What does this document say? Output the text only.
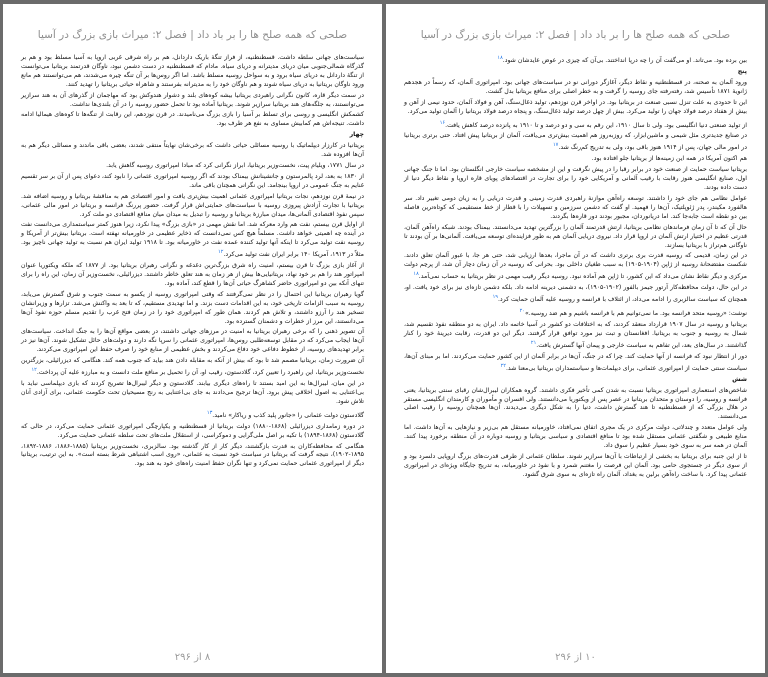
صلحی که همه صلح ها را بر باد داد | فصل ۲: میراث بازی بزرگ در آسیا

سیاست‌های جهانی سلطه داشت. قسطنطنیه، از فراز تنگهٔ باریک داردانل، هم بر راه شرقی غربی اروپا به آسیا مسلط بود و هم بر گذرگاه شمالی‌جنوبی میان دریای مدیترانه و دریای سیاه. مادام که قسطنطنیه در دست دشمن نبود، ناوگان قدرتمند بریتانیا می‌توانست از تنگهٔ داردانل به دریای سیاه برود و به سواحل روسیه مسلط باشد. اما اگر روس‌ها بر آن تنگه چیره می‌شدند، هم می‌توانستند هم مانع ورود ناوگان بریتانیا به دریای سیاه شوند و هم ناوگان خود را به مدیترانه بفرستند و شاهراه حیاتی بریتانیا را تهدید کنند.

در سمت دیگر قاره، کانون نگرانی راهبردی بریتانیا بیشه کوه‌های بلند و دشوار هندوکش بود که مهاجمان از گذرهای آن به هند سرازیر می‌توانستند، به جلگه‌های هند بریتانیا سرازیر شوند. بریتانیا آماده بود تا تحمل حضور روسیه را در آن بلندی‌ها نداشت.

کشمکش انگلیسی و روسی برای تسلط بر آسیا را بازی بزرگ می‌نامیدند. در قرن نوزدهم، این رقابت از تنگه‌ها تا کوه‌های هیمالیا ادامه داشت. تنیجه‌اش هم کمابیش مساوی به نفع هر طرف بود.

چهار

بریتانیا در کارزار دیپلماتیک با روسیه مسائلی حیاتی داشت که برخی‌شان نهایتاً منتفی شدند، بعضی باقی ماندند و مسائلی دیگر هم به آن‌ها افزوده شد.

در سال ۱۷۷۱، ویلیام پیت، نخست‌وزیر بریتانیا، ابراز نگرانی کرد که مبادا امپراتوری روسیه گاهش یابد.

از ۱۸۳۰ به بعد، لرد پالمرستون و جانشینانش بیمناک بودند که اگر روسیه امپراتوری عثمانی را نابود کند، دعوای پس از آن بر سر تقسیم غنایم به جنگ عمومی در اروپا بینجامد. این نگرانی همچنان باقی ماند.

در نیمهٔ قرن نوزدهم، نجات بریتانیا امپراتوری عثمانی اهمیت بیش‌تری یافت و امور اقتصادی هم به مناقشهٔ بریتانیا و روسیه اضافه شد. بریتانیا با تجارت آزادش پیروزی روسیه با سیاست‌های حمایتی‌اش قرار گرفت. حضور پررنگ فرانسه و بریتانیا در امور مالی عثمانی، سپس نفوذ اقتصادی آلمانی‌ها، میدان مبارزهٔ بریتانیا و روسیه را تبدیل به میدان میان منافع اقتصادی دو ملت کرد.

از اوایل قرن بیستم، نفت هم وارد معرکه شد. اما نقش مهمی در «بازی بزرگ» پیدا نکرد، زیرا هنوز کمتر سیاستمداری می‌دانست نفت در آینده چه اهمیتی خواهد داشت. مسلماً هیچ کس نمی‌دانست که ذخایر عظیمی در خاورمیانه نهفته است. بریتانیا بیش‌تر از آمریکا و روسیه نفت تولید می‌کرد تا اینکه آنها تولید کننده عمده نفت در خاورمیانه بود. تا ۱۹۱۸ تولید ایران هم نسبت به تولید جهانی ناچیز بود. مثلاً در ۱۹۱۳، آمریکا ۱۴۰ برابر ایران نفت تولید می‌کرد.$^{۱۲}$

از آغاز بازی بزرگ تا قرن بیستم، امنیت راه شرق بزرگ‌ترین دغدغه و نگرانی رهبران بریتانیا بود. از ۱۸۷۷ که ملکه ویکتوریا عنوان امپراتور هند را هم بر خود نهاد، بریتانیایی‌ها بیش از هر زمان به هند تعلق خاطر داشتند. دیزرائیلی، نخست‌وزیر آن زمان، این راه را برای تنهای آنکه بین دو امپراتوری حاضر کشاهرگ حیاتی آن‌ها را قطع کند، آماده بود.

گویا رهبران بریتانیا این احتمال را در نظر نمی‌گرفتند که وقتی امپراتوری روسیه از یکسو به سمت جنوب و شرق گسترش می‌یابد، روسیه به سبب الزامات تاریخی خود، به این اقدامات دست بزند. و اما تهدیدی مستقیم، که تا بعد به واکنش می‌شد. تزارها و وزیرانشان تسخیر هند را آرزو داشتند، و تلاش هم کردند. همان طور که امپراتوری خود را در زمان فتح غرب را تقدیم مسلم حوزه نفوذ آن‌ها می‌دانستند، این مرز از خطرات و دشمنان گسترده بود.

آن تصویر ذهنی را که برخی رهبران بریتانیا به امنیت در مرزهای جهانی داشتند، در بعضی مواقع آن‌ها را به جنگ انداخت. سیاست‌های آن‌ها ایجاب می‌کرد که در مقابل توسعه‌طلبی روس‌ها، امپراتوری عثمانی را سرپا نگه دارند و دولت‌های حائل تشکیل شوند. آن‌ها نیز در برابر تهدیدهای روسیه، از خطوط دفاعی خود دفاع می‌کردند و بخش عظیمی از منابع خود را صرف حفظ این امپراتوری می‌کردند.

آن ضرورت زمان، بریتانیا مصمم شد تا بود که بیش از آنکه به مقابله دادن هند بیاید که جنوب همه کند. هنگامی که دیزرائیلی، بزرگترین نخست‌وزیر بریتانیا، این راهبرد را تعیین کرد، گلادستون، رقیب او، آن را تحمیل بر منافع ملت دانست و به مبارزه علیه آن پرداخت.$^{۱۲}$

در این میان، لیبرال‌ها به این امید بستند تا راه‌های دیگری بیابند. گلادستون و دیگر لیبرال‌ها تصریح کردند که بازی دیپلماسی نباید با بی‌اعتنایی به اصول اخلاقی پیش برود. آن‌ها ترجیح می‌دادند به جای بی‌اعتنایی به رنج مسیحیان تحت حکومت عثمانی، برای آزادی آنان تلاش شود.

گلادستون دولت عثمانی را «جانور پلید کذب و ریاکار» نامید.$^{۱۳}$

در دوره زمامداری دیزرائیلی (۱۸۶۸-۱۸۸۰) دولت بریتانیا از قسطنطنیه و یکپارچگی امپراتوری عثمانی حمایت می‌کرد، در حالی که گلادستون (۱۸۶۸-۱۸۹۴) با تکیه بر اصل ملی‌گرایی و دموکراسی، از استقلال ملت‌های تحت سلطه عثمانی حمایت می‌کرد.

هنگامی که محافظه‌کاران به قدرت بازگشتند، دیگر کار از کار گذشته بود. سالزبری، نخست‌وزیر بریتانیا (۱۸۸۵-۱۸۸۶، ۱۸۸۶-۱۸۹۲، ۱۸۹۵-۱۹۰۲)، نتیجه گرفت که بریتانیا در سیاست خود نسبت به عثمانی، «روی اسب اشتباهی شرط بسته است». به این ترتیب، بریتانیا دیگر از امپراتوری عثمانی حمایت نمی‌کرد و تنها نگران حفظ امنیت راه‌های خود به هند بود.

۸ از ۲۹۶
صلحی که همه صلح ها را بر باد داد | فصل ۲: میراث بازی بزرگ در آسیا

بین برده بود. می‌تاند. او می‌گفت آن را چه درپا انداختند. بی‌آن که چیزی در عوض عایدشان شود.$^{۱۸}$

پنج

ورود آلمان به صحنه، در قسطنطنیه و نقاط دیگر، آغازگر دورانی نو در سیاست‌های جهانی بود. امپراتوری آلمان، که رسماً در هجدهم ژانویهٔ ۱۸۷۱ تأسیس شد، رفته‌رفته جای روسیه را گرفت و به خطر اصلی برای منافع بریتانیا بدل گشت.

این تا حدودی به علت تنزل نسبی صنعت در بریتانیا بود. در اواخر قرن نوزدهم، تولید ذغال‌سنگ، آهن و فولاد آلمان، حدود نیمی از آهن و بیش از هفتاد درصد فولاد جهان را تولید می‌کرد. بیش از چهل درصد تولید ذغال‌سنگ، و پنجاه درصد فولاد بریتانیا را آلمان تولید می‌کرد.

از تولید صنعتی دنیا انگلیسی بود. ولی تا سال ۱۹۱۰، این رقم به سی و دو درصد و تا ۱۹۱۰ به پانزده درصد کاهش یافت.$^{۱۶}$

در صنایع جدیدتری مثل شیمی و ماشین‌ابزار، که روزبه‌روز هم اهمیت بیش‌تری می‌یافت، آلمان از بریتانیا پیش افتاد. حتی برتری بریتانیا در امور مالی جهان، پس از ۱۹۱۴ هنوز باقی بود، ولی به تدریج کم‌رنگ شد.$^{۱۷}$

هم اکنون آمریکا در همه این زمینه‌ها از بریتانیا جلو افتاده بود.

بریتانیا سیاست حمایت از صنعت خود در برابر رقبا را در پیش نگرفت و این از مشخصه سیاست خارجی انگلستان بود. اما تا جنگ جهانی اول، صنایع انگلیسی هنوز رقابت با رقیب آلمانی و آمریکایی خود را برای تجارت در اقتصادهای پویای قاره اروپا و نقاط دیگر دنیا از دست داده بودند.

عوامل نظامی هم جای خود را داشتند. توسعه راه‌آهن موازنهٔ راهبردی قدرت زمینی و قدرت دریایی را به زیان دومی تغییر داد. سر هالفورد مکیندر، پدر ژئوپلتیک، آن‌ها را فهمید. او گفت که دشمن سرزمین و تسهیلات را با قطار از خط مستقیمی که کوتاه‌ترین فاصله بین دو نقطه است جابه‌جا کند. اما دریانوردان، مجبور بودند دور قاره‌ها بگردند.

حال آن که تا آن زمان فرماندهان نظامی بریتانیا، ارتش قدرتمند آلمان را بزرگترین تهدید می‌دانستند. بیمناک بودند. شبکه راه‌آهن آلمان، قدرتی عظیم در اختیار ارتش آلمان در اروپا قرار داد. نیروی دریایی آلمان هم به طور فزاینده‌ای توسعه می‌یافت. آلمانی‌ها بر آن بودند تا ناوگانی هم‌تراز با بریتانیا بسازند.

در این زمان، قدیمی که روسیه قدرت بری برتری داشت که در آن ماجرا، بعدها ارزیابی شد، حتی هر جا، با عبور آلمان تعلق دادند. شکست مفتضحانهٔ روسیه از ژاپن (۱۹۰۴-۱۹۰۵) به سبب طغیان داخلی بود. بحرانی که روسیه در آن زمان دچار آن شد، از پرچم دولت مرکزی و دیگر نقاط نشان می‌داد که این کشور، تا ژاپن هم آماده نبود. روسیه دیگر رقیب مهمی در نظر بریتانیا به حساب نمی‌آمد.$^{۱۸}$

در این حال، دولت محافظه‌کار آرتور جیمز بالفور (۱۹۰۲-۱۹۰۵)، به دشمنی دیرینه ادامه داد. بلکه دشمن تازه‌ای نیز برای خود یافت. او، همچنان که سیاست سالزبری را ادامه می‌داد، از ائتلاف با فرانسه و روسیه علیه آلمان حمایت کرد.$^{۱۹}$

نوشت: «روسیه متحد فرانسه بود. ما نمی‌توانیم هم با فرانسه باشیم و هم ضد روسیه.»$^{۲۰}$

بریتانیا و روسیه در سال ۱۹۰۷ قرارداد منعقد کردند، که به اختلافات دو کشور در آسیا خاتمه داد. ایران به دو منطقه نفوذ تقسیم شد، شمال به روسیه و جنوب به بریتانیا. افغانستان و تبت نیز مورد توافق قرار گرفتند. دیگر این دو قدرت، رقابت دیرینهٔ خود را کنار گذاشتند. در سال‌های بعد، این تفاهم به سیاست خارجی و پیمان آنها گسترش یافت.$^{۲۱}$

دور از انتظار نبود که فرانسه از آنها حمایت کند. چرا که در جنگ، آن‌ها در برابر آلمان از این کشور حمایت می‌کردند. اما بر مبنای آن‌ها، سیاست سنتی حمایت از امپراتوری عثمانی، برای دیپلمات‌ها و سیاستمداران بریتانیا بی‌معنا شد.$^{۲۲}$

شش

شاخص‌های استعماری امپراتوری بریتانیا نسبت به شدن کمی تأخیر فکری داشتند. گروه همکاران لیبرال‌شان رقبای سنتی بریتانیا، یعنی فرانسه و روسیه، را دوستان و متحدان بریتانیا در عصر پس از ویکتوریا می‌دانستند. ولی افسران و مأموران و کارمندان انگلیسی مستقر در هلال بزرگی که از قسطنطنیه تا هند گسترش داشت، دنیا را به شکل دیگری می‌دیدند. آن‌ها همچنان روسیه را رقیب اصلی می‌دانستند.

ولی عوامل متعدد و چندلاتی، دولت مرکزی در یک مجری اتفاق نمی‌افتاد، خاورمیانه مستقل هم بی‌زیر و نیازهایی به آن‌ها داشت. اما منابع طبیعی و شگفتی عثمانی مستقل شده بود تا منافع اقتصادی و سیاسی بریتانیا و روسیه دوباره در آن منطقه برخورد پیدا کنند. آلمان در همه سر به سوی خود بسیار عظیم را سوق داد.

تا از این جنبه برای بریتانیا به بخشی از ارتباطات با آن‌ها سرازیر شوند. سلطان عثمانی از طرفی قدرت‌های بزرگ اروپایی دلسرد بود و از سوی دیگر در جستجوی حامی بود. آلمان این فرصت را مغتنم شمرد و با نفوذ در خاورمیانه، به تدریج جایگاه ویژه‌ای در امپراتوری عثمانی پیدا کرد. با ساخت راه‌آهن برلین به بغداد، آلمان راه تازه‌ای به سوی شرق گشود.

۱۰ از ۲۹۶
